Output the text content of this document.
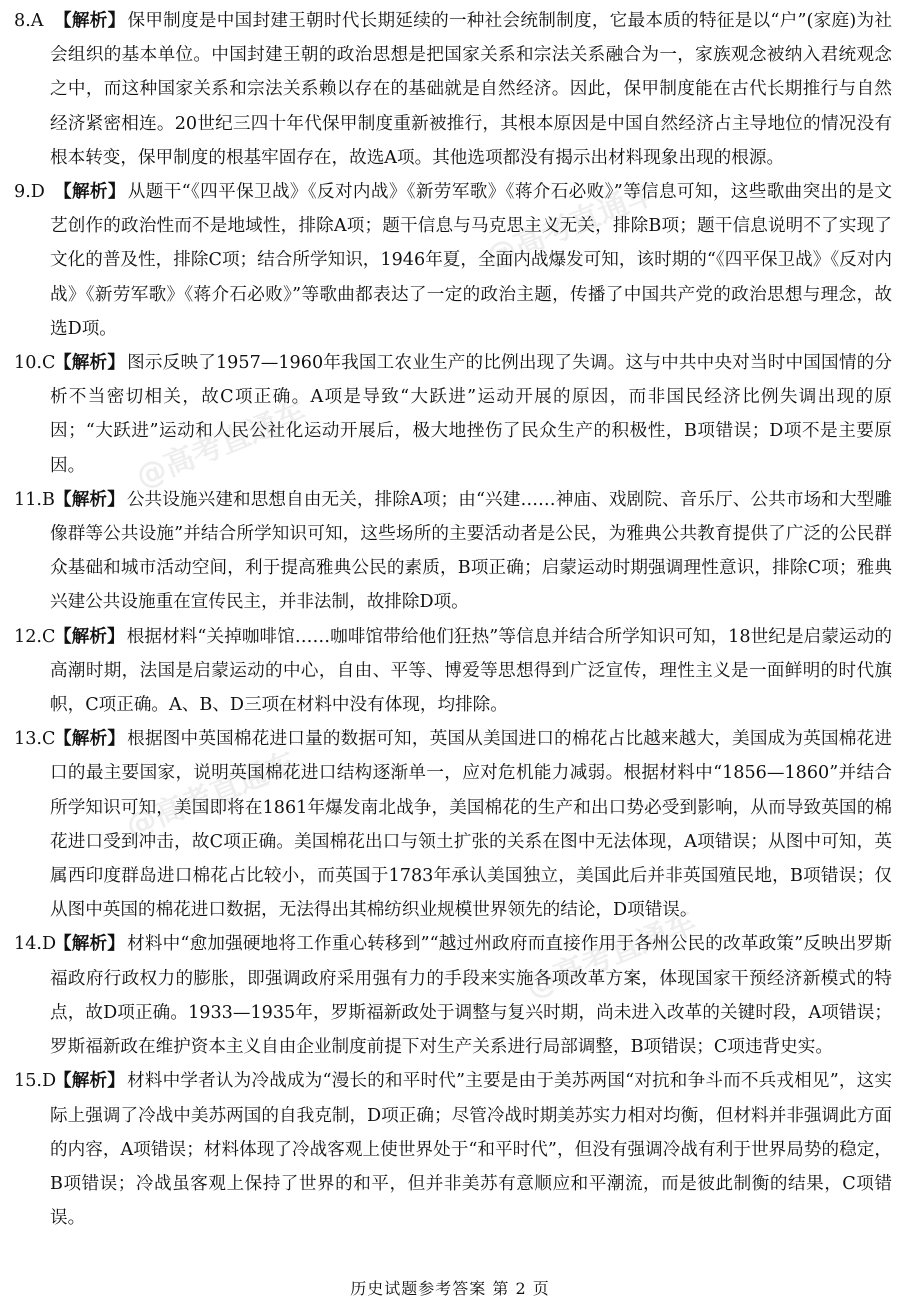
@高考直通车
@高考直通车
@高考直通车
@高考直通车
8.A 【解析】 保甲制度是中国封建王朝时代长期延续的一种社会统制制度，它最本质的特征是以“户”(家庭)为社会组织的基本单位。中国封建王朝的政治思想是把国家关系和宗法关系融合为一，家族观念被纳入君统观念之中，而这种国家关系和宗法关系赖以存在的基础就是自然经济。因此，保甲制度能在古代长期推行与自然经济紧密相连。20世纪三四十年代保甲制度重新被推行，其根本原因是中国自然经济占主导地位的情况没有根本转变，保甲制度的根基牢固存在，故选A项。其他选项都没有揭示出材料现象出现的根源。
9.D 【解析】 从题干“《四平保卫战》《反对内战》《新劳军歌》《蒋介石必败》”等信息可知，这些歌曲突出的是文艺创作的政治性而不是地域性，排除A项；题干信息与马克思主义无关，排除B项；题干信息说明不了实现了文化的普及性，排除C项；结合所学知识，1946年夏，全面内战爆发可知，该时期的“《四平保卫战》《反对内战》《新劳军歌》《蒋介石必败》”等歌曲都表达了一定的政治主题，传播了中国共产党的政治思想与理念，故选D项。
10.C
【解析】 图示反映了1957—1960年我国工农业生产的比例出现了失调。这与中共中央对当时中国国情的分析不当密切相关，故C项正确。A项是导致“大跃进”运动开展的原因，而非国民经济比例失调出现的原因；“大跃进”运动和人民公社化运动开展后，极大地挫伤了民众生产的积极性，B项错误；D项不是主要原因。
11.B 【解析】 公共设施兴建和思想自由无关，排除A项；由“兴建……神庙、戏剧院、音乐厅、公共市场和大型雕像群等公共设施”并结合所学知识可知，这些场所的主要活动者是公民，为雅典公共教育提供了广泛的公民群众基础和城市活动空间，利于提高雅典公民的素质，B项正确；启蒙运动时期强调理性意识，排除C项；雅典兴建公共设施重在宣传民主，并非法制，故排除D项。
12.C
【解析】 根据材料“关掉咖啡馆……咖啡馆带给他们狂热”等信息并结合所学知识可知，18世纪是启蒙运动的高潮时期，法国是启蒙运动的中心，自由、平等、博爱等思想得到广泛宣传，理性主义是一面鲜明的时代旗帜，C项正确。A、B、D三项在材料中没有体现，均排除。
13.C
【解析】 根据图中英国棉花进口量的数据可知，英国从美国进口的棉花占比越来越大，美国成为英国棉花进口的最主要国家，说明英国棉花进口结构逐渐单一，应对危机能力减弱。根据材料中“1856—1860”并结合所学知识可知，美国即将在1861年爆发南北战争，美国棉花的生产和出口势必受到影响，从而导致英国的棉花进口受到冲击，故C项正确。美国棉花出口与领土扩张的关系在图中无法体现，A项错误；从图中可知，英属西印度群岛进口棉花占比较小，而英国于1783年承认美国独立，美国此后并非英国殖民地，B项错误；仅从图中英国的棉花进口数据，无法得出其棉纺织业规模世界领先的结论，D项错误。
14.D
【解析】 材料中“愈加强硬地将工作重心转移到”“越过州政府而直接作用于各州公民的改革政策”反映出罗斯福政府行政权力的膨胀，即强调政府采用强有力的手段来实施各项改革方案，体现国家干预经济新模式的特点，故D项正确。1933—1935年，罗斯福新政处于调整与复兴时期，尚未进入改革的关键时段，A项错误；罗斯福新政在维护资本主义自由企业制度前提下对生产关系进行局部调整，B项错误；C项违背史实。
15.D
【解析】 材料中学者认为冷战成为“漫长的和平时代”主要是由于美苏两国“对抗和争斗而不兵戎相见”，这实际上强调了冷战中美苏两国的自我克制，D项正确；尽管冷战时期美苏实力相对均衡，但材料并非强调此方面的内容，A项错误；材料体现了冷战客观上使世界处于“和平时代”，但没有强调冷战有利于世界局势的稳定，B项错误；冷战虽客观上保持了世界的和平，但并非美苏有意顺应和平潮流，而是彼此制衡的结果，C项错误。
历史试题参考答案 第 2 页
